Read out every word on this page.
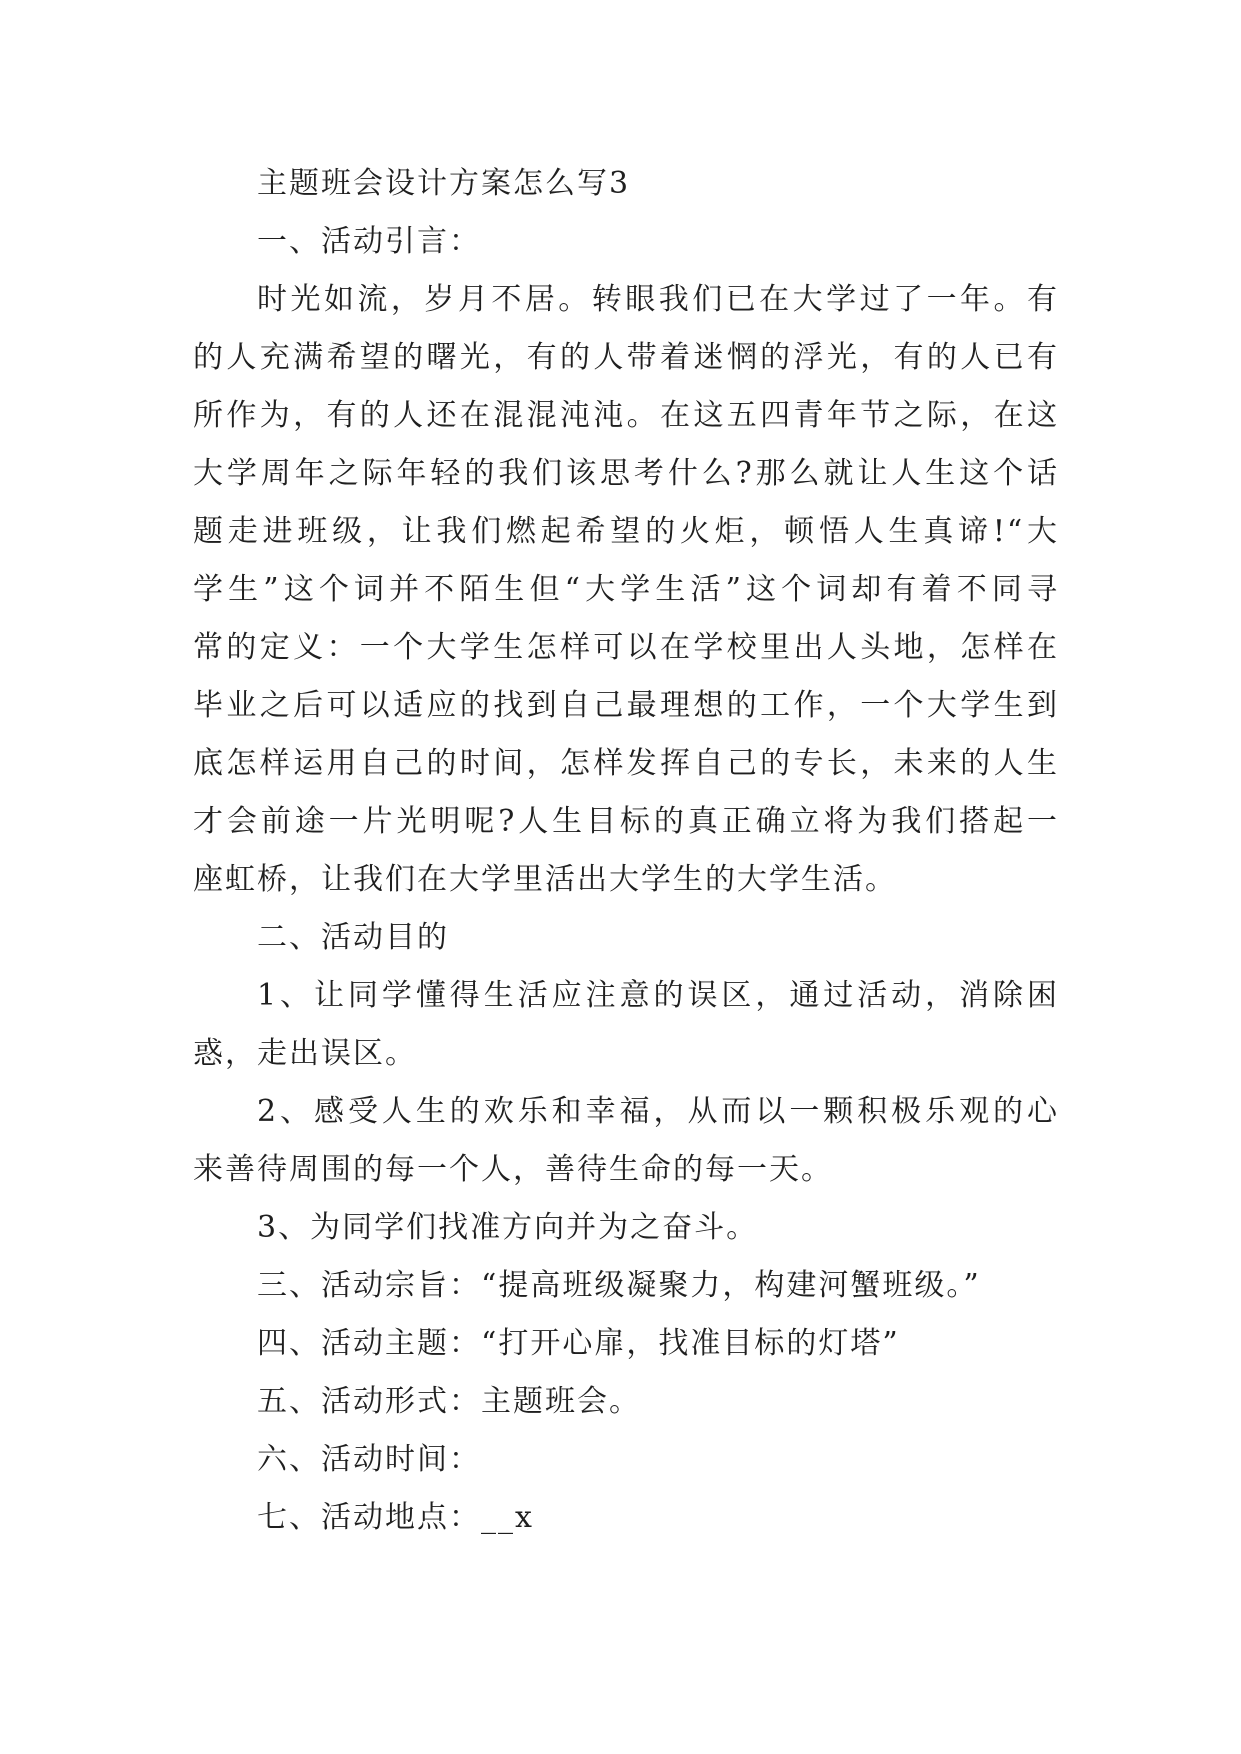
主题班会设计方案怎么写3
一、活动引言：
时光如流，岁月不居。转眼我们已在大学过了一年。有
的人充满希望的曙光，有的人带着迷惘的浮光，有的人已有
所作为，有的人还在混混沌沌。在这五四青年节之际，在这
大学周年之际年轻的我们该思考什么?那么就让人生这个话
题走进班级，让我们燃起希望的火炬，顿悟人生真谛!“大
学生”这个词并不陌生但“大学生活”这个词却有着不同寻
常的定义：一个大学生怎样可以在学校里出人头地，怎样在
毕业之后可以适应的找到自己最理想的工作，一个大学生到
底怎样运用自己的时间，怎样发挥自己的专长，未来的人生
才会前途一片光明呢?人生目标的真正确立将为我们搭起一
座虹桥，让我们在大学里活出大学生的大学生活。
二、活动目的
1、让同学懂得生活应注意的误区，通过活动，消除困
惑，走出误区。
2、感受人生的欢乐和幸福，从而以一颗积极乐观的心
来善待周围的每一个人，善待生命的每一天。
3、为同学们找准方向并为之奋斗。
三、活动宗旨：“提高班级凝聚力，构建河蟹班级。”
四、活动主题：“打开心扉，找准目标的灯塔”
五、活动形式：主题班会。
六、活动时间：
七、活动地点：__x
